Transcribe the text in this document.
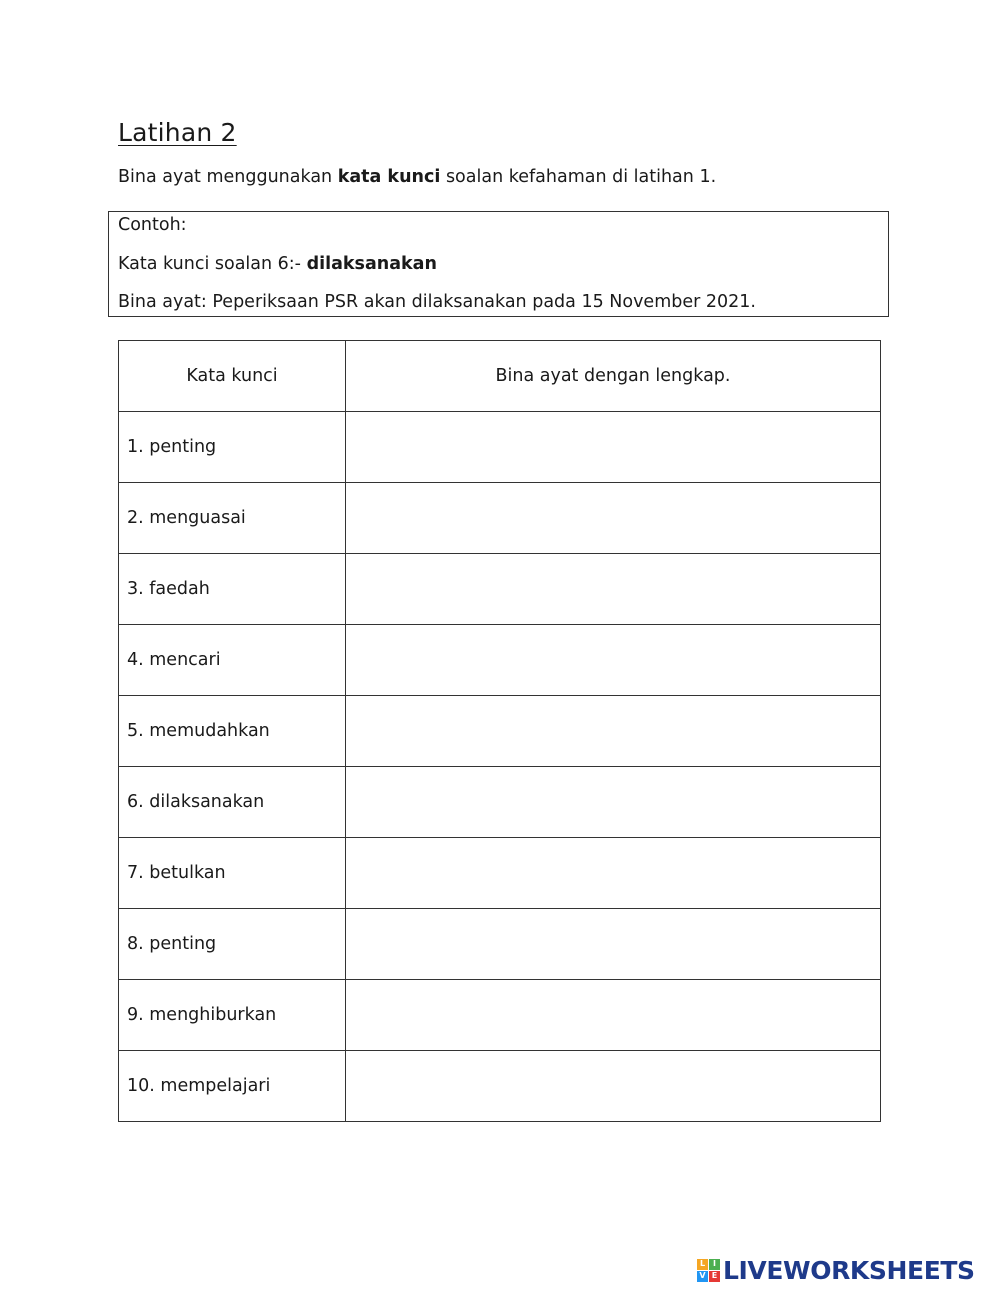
Latihan 2
Bina ayat menggunakan kata kunci soalan kefahaman di latihan 1.
Contoh:
Kata kunci soalan 6:- dilaksanakan
Bina ayat: Peperiksaan PSR akan dilaksanakan pada 15 November 2021.
Kata kunci	Bina ayat dengan lengkap.
1. penting	
2. menguasai	
3. faedah	
4. mencari	
5. memudahkan	
6. dilaksanakan	
7. betulkan	
8. penting	
9. menghiburkan	
10. mempelajari	
L I
V E LIVEWORKSHEETS
